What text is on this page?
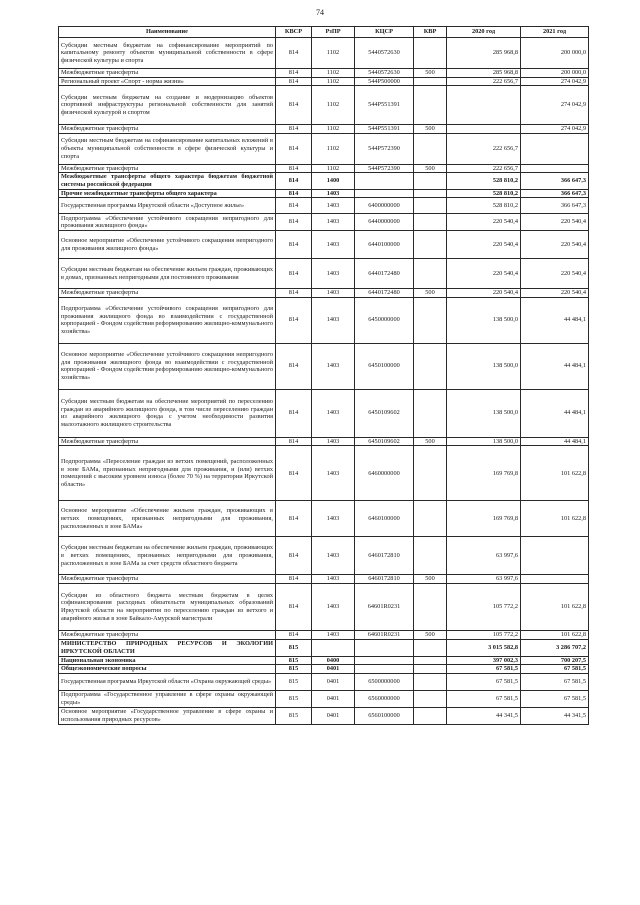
74
Наименование	КВСР	РзПР	КЦСР	КВР	2020 год	2021 год
Субсидии местным бюджетам на софинансирование мероприятий по капитальному ремонту объектов муниципальной собственности в сфере физической культуры и спорта	814	1102	5440572630		285 968,8	200 000,0
Межбюджетные трансферты	814	1102	5440572630	500	285 968,8	200 000,0
Региональный проект «Спорт - норма жизни»	814	1102	544P500000		222 656,7	274 042,9
Субсидии местным бюджетам на создание и модернизацию объектов спортивной инфраструктуры региональной собственности для занятий физической культурой и спортом	814	1102	544P551391			274 042,9
Межбюджетные трансферты	814	1102	544P551391	500		274 042,9
Субсидии местным бюджетам на софинансирование капитальных вложений в объекты муниципальной собственности в сфере физической культуры и спорта	814	1102	544P572390		222 656,7	
Межбюджетные трансферты	814	1102	544P572390	500	222 656,7	
Межбюджетные трансферты общего характера бюджетам бюджетной системы российской федерации	814	1400			528 810,2	366 647,3
Прочие межбюджетные трансферты общего характера	814	1403			528 810,2	366 647,3
Государственная программа Иркутской области «Доступное жилье»	814	1403	6400000000		528 810,2	366 647,3
Подпрограмма «Обеспечение устойчивого сокращения непригодного для проживания жилищного фонда»	814	1403	6440000000		220 540,4	220 540,4
Основное мероприятие «Обеспечение устойчивого сокращения непригодного для проживания жилищного фонда»	814	1403	6440100000		220 540,4	220 540,4
Субсидии местным бюджетам на обеспечение жильем граждан, проживающих в домах, признанных непригодными для постоянного проживания	814	1403	6440172480		220 540,4	220 540,4
Межбюджетные трансферты	814	1403	6440172480	500	220 540,4	220 540,4
Подпрограмма «Обеспечение устойчивого сокращения непригодного для проживания жилищного фонда во взаимодействии с государственной корпорацией - Фондом содействия реформированию жилищно-коммунального хозяйства»	814	1403	6450000000		138 500,0	44 484,1
Основное мероприятие «Обеспечение устойчивого сокращения непригодного для проживания жилищного фонда во взаимодействии с государственной корпорацией - Фондом содействия реформированию жилищно-коммунального хозяйства»	814	1403	6450100000		138 500,0	44 484,1
Субсидии местным бюджетам на обеспечение мероприятий по переселению граждан из аварийного жилищного фонда, в том числе переселению граждан из аварийного жилищного фонда с учетом необходимости развития малоэтажного жилищного строительства	814	1403	6450109602		138 500,0	44 484,1
Межбюджетные трансферты	814	1403	6450109602	500	138 500,0	44 484,1
Подпрограмма «Переселение граждан из ветхих помещений, расположенных в зоне БАМа, признанных непригодными для проживания, и (или) ветхих помещений с высоким уровнем износа (более 70 %) на территории Иркутской области»	814	1403	6460000000		169 769,8	101 622,8
Основное мероприятие «Обеспечение жильем граждан, проживающих в ветхих помещениях, признанных непригодными для проживания, расположенных в зоне БАМа»	814	1403	6460100000		169 769,8	101 622,8
Субсидии местным бюджетам на обеспечение жильем граждан, проживающих в ветхих помещениях, признанных непригодными для проживания, расположенных в зоне БАМа за счет средств областного бюджета	814	1403	6460172810		63 997,6	
Межбюджетные трансферты	814	1403	6460172810	500	63 997,6	
Субсидии из областного бюджета местным бюджетам в целях софинансирования расходных обязательств муниципальных образований Иркутской области на мероприятия по переселению граждан из ветхого и аварийного жилья в зоне Байкало-Амурской магистрали	814	1403	64601R0231		105 772,2	101 622,8
Межбюджетные трансферты	814	1403	64601R0231	500	105 772,2	101 622,8
МИНИСТЕРСТВО ПРИРОДНЫХ РЕСУРСОВ И ЭКОЛОГИИ ИРКУТСКОЙ ОБЛАСТИ	815				3 015 582,8	3 286 707,2
Национальная экономика	815	0400			397 002,3	700 207,5
Общеэкономические вопросы	815	0401			67 581,5	67 581,5
Государственная программа Иркутской области «Охрана окружающей среды»	815	0401	6500000000		67 581,5	67 581,5
Подпрограмма «Государственное управление в сфере охраны окружающей среды»	815	0401	6560000000		67 581,5	67 581,5
Основное мероприятие «Государственное управление в сфере охраны и использования природных ресурсов»	815	0401	6560100000		44 341,5	44 341,5
